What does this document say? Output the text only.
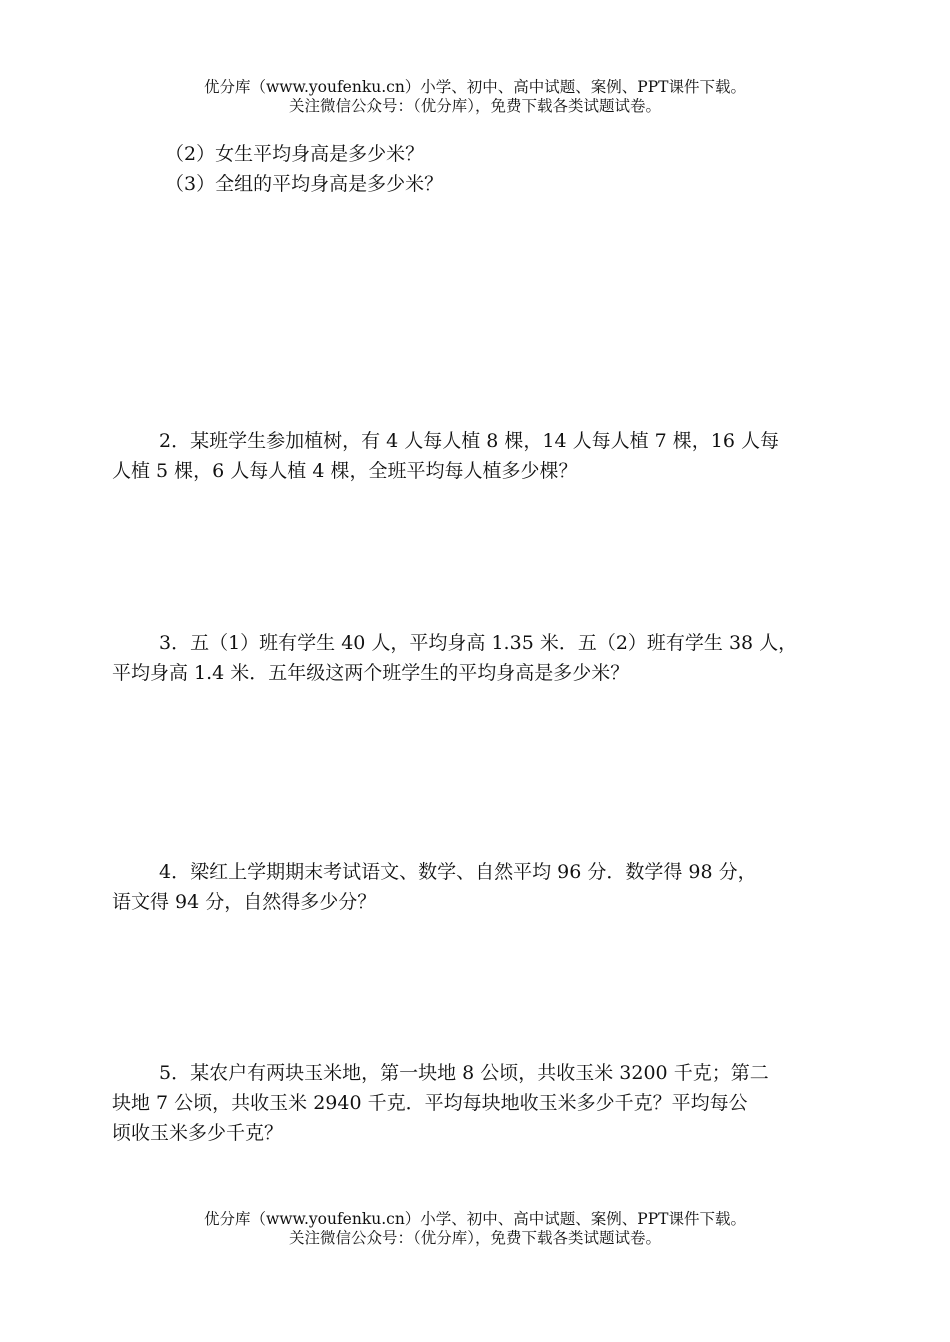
优分库（www.youfenku.cn）小学、初中、高中试题、案例、PPT课件下载。
关注微信公众号：（优分库），免费下载各类试题试卷。
（2）女生平均身高是多少米？
（3）全组的平均身高是多少米？
2．某班学生参加植树，有 4 人每人植 8 棵，14 人每人植 7 棵，16 人每
人植 5 棵，6 人每人植 4 棵，全班平均每人植多少棵？
3．五（1）班有学生 40 人，平均身高 1.35 米．五（2）班有学生 38 人，
平均身高 1.4 米．五年级这两个班学生的平均身高是多少米？
4．梁红上学期期末考试语文、数学、自然平均 96 分．数学得 98 分，
语文得 94 分，自然得多少分？
5．某农户有两块玉米地，第一块地 8 公顷，共收玉米 3200 千克；第二
块地 7 公顷，共收玉米 2940 千克．平均每块地收玉米多少千克？平均每公
顷收玉米多少千克？
优分库（www.youfenku.cn）小学、初中、高中试题、案例、PPT课件下载。
关注微信公众号：（优分库），免费下载各类试题试卷。
